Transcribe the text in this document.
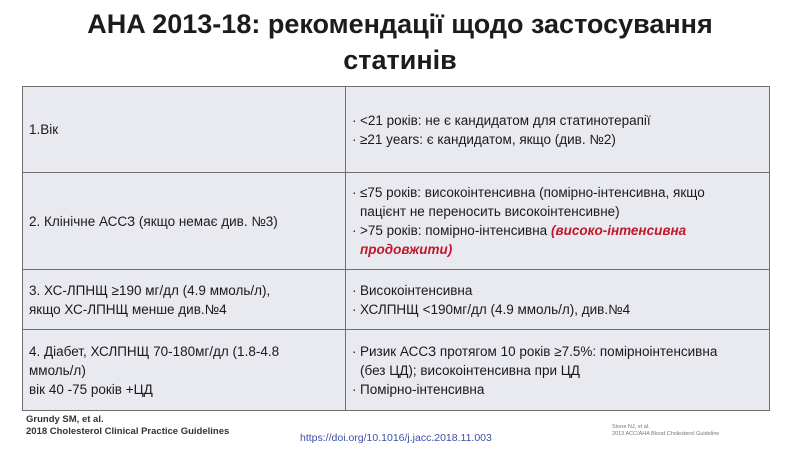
AHA 2013-18: рекомендації щодо застосування
статинів
1.Вік	· <21 років: не є кандидатом для статинотерапії
· ≥21 years: є кандидатом, якщо (див. №2)

2. Клінічне АССЗ (якщо немає див. №3)	· ≤75 років: високоінтенсивна (помірно-інтенсивна, якщо
пацієнт не переносить високоінтенсивне)
· >75 років: помірно-інтенсивна (високо-інтенсивна
продовжити)

3. ХС-ЛПНЩ ≥190 мг/дл (4.9 ммоль/л),
якщо ХС-ЛПНЩ менше див.№4	· Високоінтенсивна
· ХСЛПНЩ <190мг/дл (4.9 ммоль/л), див.№4

4. Діабет, ХСЛПНЩ 70-180мг/дл (1.8-4.8
ммоль/л)
вік 40 -75 років +ЦД	· Ризик АССЗ протягом 10 років ≥7.5%: помірноінтенсивна
(без ЦД); високоінтенсивна при ЦД
· Помірно-інтенсивна
Grundy SM, et al.
2018 Cholesterol Clinical Practice Guidelines
https://doi.org/10.1016/j.jacc.2018.11.003
Stone NJ, et al.
2013 ACC/AHA Blood Cholesterol Guideline
